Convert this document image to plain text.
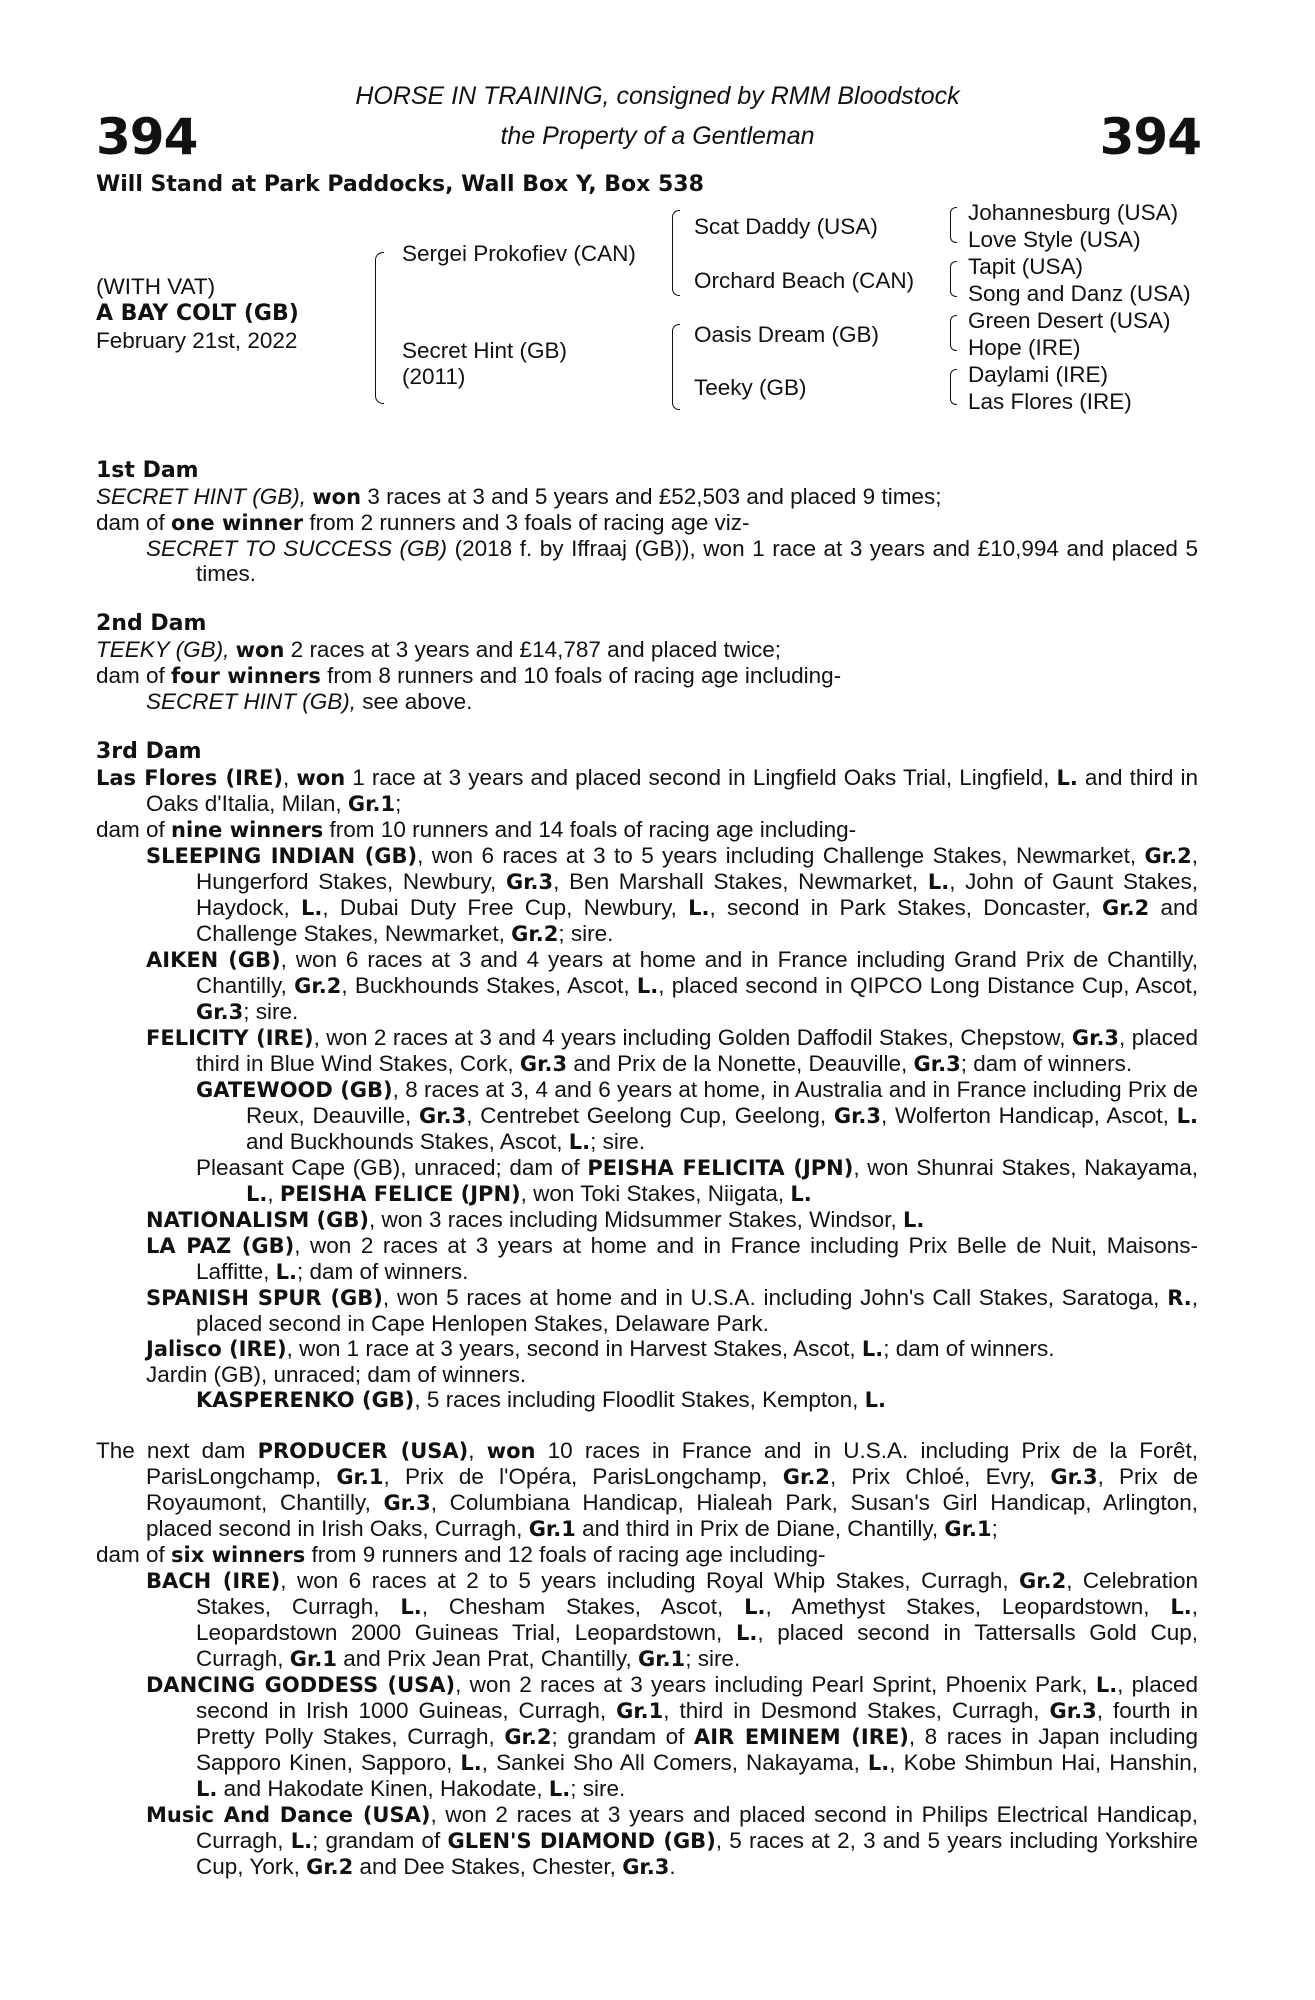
394	394
HORSE IN TRAINING, consigned by RMM Bloodstock
the Property of a Gentleman
Will Stand at Park Paddocks, Wall Box Y, Box 538
(WITH VAT)
A BAY COLT (GB)
February 21st, 2022
Sergei Prokofiev (CAN)
Secret Hint (GB)
(2011)
Scat Daddy (USA)
Orchard Beach (CAN)
Oasis Dream (GB)
Teeky (GB)
Johannesburg (USA)
Love Style (USA)
Tapit (USA)
Song and Danz (USA)
Green Desert (USA)
Hope (IRE)
Daylami (IRE)
Las Flores (IRE)
1st Dam

SECRET HINT (GB), won 3 races at 3 and 5 years and £52,503 and placed 9 times;

dam of one winner from 2 runners and 3 foals of racing age viz-

SECRET TO SUCCESS (GB) (2018 f. by Iffraaj (GB)), won 1 race at 3 years and £10,994 and placed 5 times.

2nd Dam

TEEKY (GB), won 2 races at 3 years and £14,787 and placed twice;

dam of four winners from 8 runners and 10 foals of racing age including-

SECRET HINT (GB), see above.

3rd Dam

Las Flores (IRE), won 1 race at 3 years and placed second in Lingfield Oaks Trial, Lingfield, L. and third in Oaks d'Italia, Milan, Gr.1;

dam of nine winners from 10 runners and 14 foals of racing age including-

SLEEPING INDIAN (GB), won 6 races at 3 to 5 years including Challenge Stakes, Newmarket, Gr.2, Hungerford Stakes, Newbury, Gr.3, Ben Marshall Stakes, Newmarket, L., John of Gaunt Stakes, Haydock, L., Dubai Duty Free Cup, Newbury, L., second in Park Stakes, Doncaster, Gr.2 and Challenge Stakes, Newmarket, Gr.2; sire.

AIKEN (GB), won 6 races at 3 and 4 years at home and in France including Grand Prix de Chantilly, Chantilly, Gr.2, Buckhounds Stakes, Ascot, L., placed second in QIPCO Long Distance Cup, Ascot, Gr.3; sire.

FELICITY (IRE), won 2 races at 3 and 4 years including Golden Daffodil Stakes, Chepstow, Gr.3, placed third in Blue Wind Stakes, Cork, Gr.3 and Prix de la Nonette, Deauville, Gr.3; dam of winners.

GATEWOOD (GB), 8 races at 3, 4 and 6 years at home, in Australia and in France including Prix de Reux, Deauville, Gr.3, Centrebet Geelong Cup, Geelong, Gr.3, Wolferton Handicap, Ascot, L. and Buckhounds Stakes, Ascot, L.; sire.

Pleasant Cape (GB), unraced; dam of PEISHA FELICITA (JPN), won Shunrai Stakes, Nakayama, L., PEISHA FELICE (JPN), won Toki Stakes, Niigata, L.

NATIONALISM (GB), won 3 races including Midsummer Stakes, Windsor, L.

LA PAZ (GB), won 2 races at 3 years at home and in France including Prix Belle de Nuit, Maisons-Laffitte, L.; dam of winners.

SPANISH SPUR (GB), won 5 races at home and in U.S.A. including John's Call Stakes, Saratoga, R., placed second in Cape Henlopen Stakes, Delaware Park.

Jalisco (IRE), won 1 race at 3 years, second in Harvest Stakes, Ascot, L.; dam of winners.

Jardin (GB), unraced; dam of winners.

KASPERENKO (GB), 5 races including Floodlit Stakes, Kempton, L.

The next dam PRODUCER (USA), won 10 races in France and in U.S.A. including Prix de la Forêt, ParisLongchamp, Gr.1, Prix de l'Opéra, ParisLongchamp, Gr.2, Prix Chloé, Evry, Gr.3, Prix de Royaumont, Chantilly, Gr.3, Columbiana Handicap, Hialeah Park, Susan's Girl Handicap, Arlington, placed second in Irish Oaks, Curragh, Gr.1 and third in Prix de Diane, Chantilly, Gr.1;

dam of six winners from 9 runners and 12 foals of racing age including-

BACH (IRE), won 6 races at 2 to 5 years including Royal Whip Stakes, Curragh, Gr.2, Celebration Stakes, Curragh, L., Chesham Stakes, Ascot, L., Amethyst Stakes, Leopardstown, L., Leopardstown 2000 Guineas Trial, Leopardstown, L., placed second in Tattersalls Gold Cup, Curragh, Gr.1 and Prix Jean Prat, Chantilly, Gr.1; sire.

DANCING GODDESS (USA), won 2 races at 3 years including Pearl Sprint, Phoenix Park, L., placed second in Irish 1000 Guineas, Curragh, Gr.1, third in Desmond Stakes, Curragh, Gr.3, fourth in Pretty Polly Stakes, Curragh, Gr.2; grandam of AIR EMINEM (IRE), 8 races in Japan including Sapporo Kinen, Sapporo, L., Sankei Sho All Comers, Nakayama, L., Kobe Shimbun Hai, Hanshin, L. and Hakodate Kinen, Hakodate, L.; sire.

Music And Dance (USA), won 2 races at 3 years and placed second in Philips Electrical Handicap, Curragh, L.; grandam of GLEN'S DIAMOND (GB), 5 races at 2, 3 and 5 years including Yorkshire Cup, York, Gr.2 and Dee Stakes, Chester, Gr.3.
